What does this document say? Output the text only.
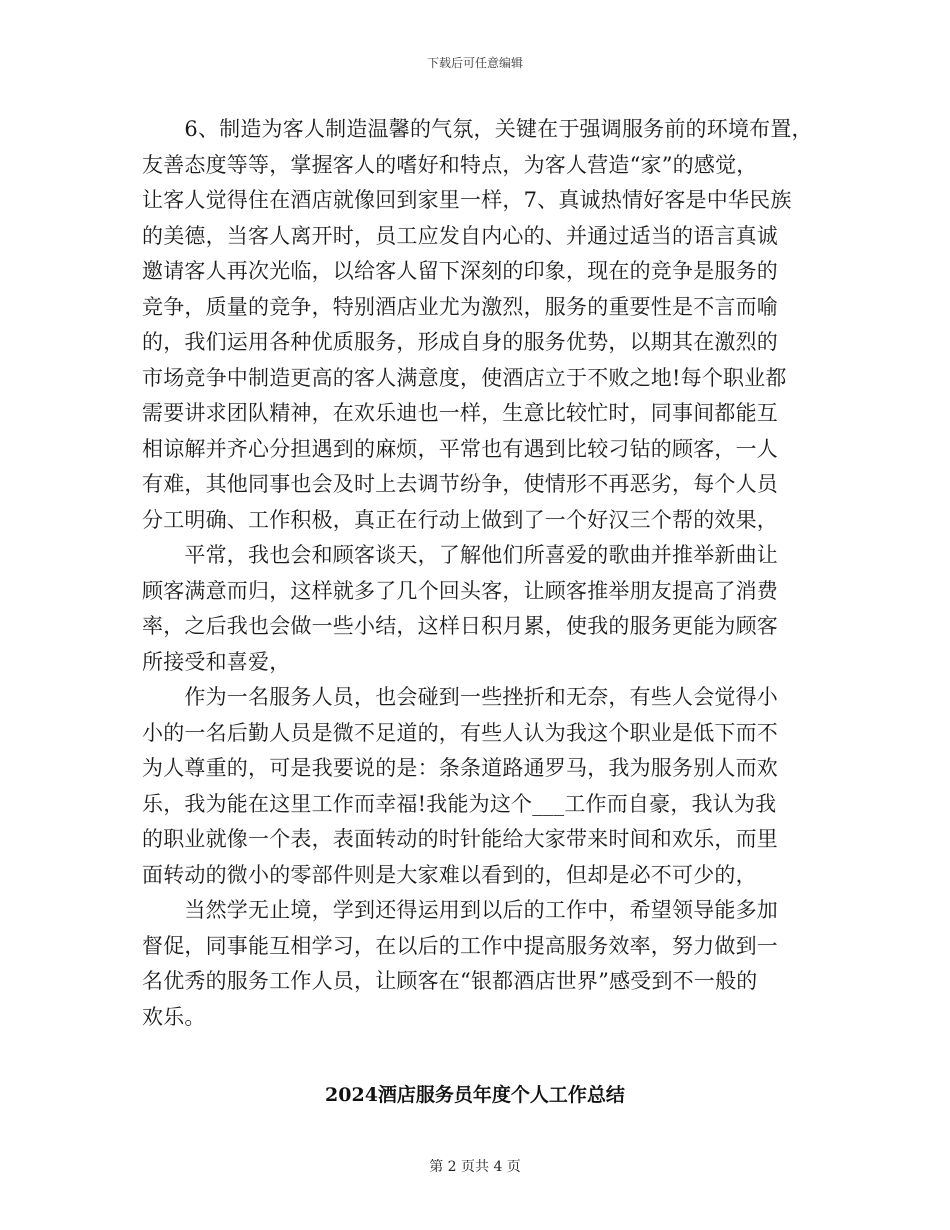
下载后可任意编辑

　　6、制造为客人制造温馨的气氛，关键在于强调服务前的环境布置，
友善态度等等，掌握客人的嗜好和特点，为客人营造“家”的感觉，
让客人觉得住在酒店就像回到家里一样，7、真诚热情好客是中华民族
的美德，当客人离开时，员工应发自内心的、并通过适当的语言真诚
邀请客人再次光临，以给客人留下深刻的印象，现在的竞争是服务的
竞争，质量的竞争，特别酒店业尤为激烈，服务的重要性是不言而喻
的，我们运用各种优质服务，形成自身的服务优势，以期其在激烈的
市场竞争中制造更高的客人满意度，使酒店立于不败之地!每个职业都
需要讲求团队精神，在欢乐迪也一样，生意比较忙时，同事间都能互
相谅解并齐心分担遇到的麻烦，平常也有遇到比较刁钻的顾客，一人
有难，其他同事也会及时上去调节纷争，使情形不再恶劣，每个人员
分工明确、工作积极，真正在行动上做到了一个好汉三个帮的效果，

　　平常，我也会和顾客谈天，了解他们所喜爱的歌曲并推举新曲让
顾客满意而归，这样就多了几个回头客，让顾客推举朋友提高了消费
率，之后我也会做一些小结，这样日积月累，使我的服务更能为顾客
所接受和喜爱，

　　作为一名服务人员，也会碰到一些挫折和无奈，有些人会觉得小
小的一名后勤人员是微不足道的，有些人认为我这个职业是低下而不
为人尊重的，可是我要说的是：条条道路通罗马，我为服务别人而欢
乐，我为能在这里工作而幸福!我能为这个___工作而自豪，我认为我
的职业就像一个表，表面转动的时针能给大家带来时间和欢乐，而里
面转动的微小的零部件则是大家难以看到的，但却是必不可少的，

　　当然学无止境，学到还得运用到以后的工作中，希望领导能多加
督促，同事能互相学习，在以后的工作中提高服务效率，努力做到一
名优秀的服务工作人员，让顾客在“银都酒店世界”感受到不一般的
欢乐。

2024酒店服务员年度个人工作总结
第 2 页共 4 页
